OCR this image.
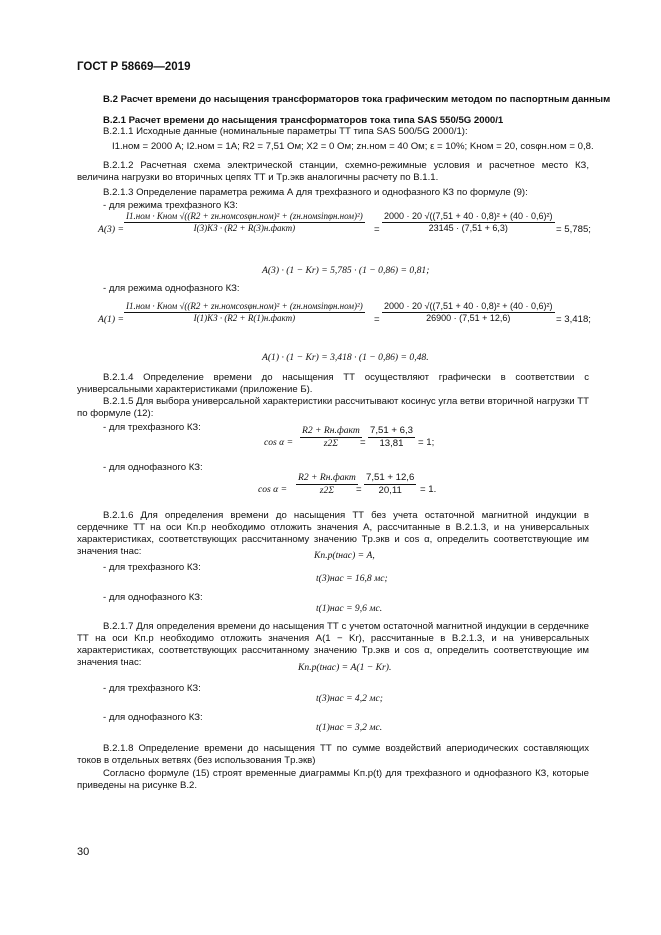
ГОСТ Р 58669—2019
В.2 Расчет времени до насыщения трансформаторов тока графическим методом по паспортным данным
В.2.1 Расчет времени до насыщения трансформаторов тока типа SAS 550/5G 2000/1
В.2.1.1 Исходные данные (номинальные параметры ТТ типа SAS 500/5G 2000/1):
I1.ном = 2000 А; I2.ном = 1А; R2 = 7,51 Ом; X2 = 0 Ом; zн.ном = 40 Ом; ε = 10%; Kном = 20, cosφн.ном = 0,8.
В.2.1.2 Расчетная схема электрической станции, схемно-режимные условия и расчетное место КЗ, величина нагрузки во вторичных цепях ТТ и Tр.экв аналогичны расчету по В.1.1.
В.2.1.3 Определение параметра режима А для трехфазного и однофазного КЗ по формуле (9):
- для режима трехфазного КЗ:
A(3) =
I1.ном · Kном √((R2 + zн.номcosφн.ном)² + (zн.номsinφн.ном)²)
I(3)КЗ · (R2 + R(3)н.факт)	= $\frac{\text{2000 · 20 √((7,51 + 40 · 0,8)² + (40 · 0,6)²)}}{23145 \cdot (7,51 + 6,3)} = 5,785$;
A(3) · (1 − Kr) = 5,785 · (1 − 0,86) = 0,81;
- для режима однофазного КЗ:
A(1) =
I1.ном · Kном √((R2 + zн.номcosφн.ном)² + (zн.номsinφн.ном)²)
I(1)КЗ · (R2 + R(1)н.факт)	= $\frac{\text{2000 · 20 √((7,51 + 40 · 0,8)² + (40 · 0,6)²)}}{26900 \cdot (7,51 + 12,6)} = 3,418$;
A(1) · (1 − Kr) = 3,418 · (1 − 0,86) = 0,48.
В.2.1.4 Определение времени до насыщения ТТ осуществляют графически в соответствии с универсальными характеристиками (приложение Б).
В.2.1.5 Для выбора универсальной характеристики рассчитывают косинус угла ветви вторичной нагрузки ТТ по формуле (12):
- для трехфазного КЗ:
cos α =
R2 + Rн.факт
z2Σ	= $\frac{7,51 + 6,3}{13,81} = 1$;
- для однофазного КЗ:
cos α =
R2 + Rн.факт
z2Σ	= $\frac{7,51 + 12,6}{20,11} = 1$.
В.2.1.6 Для определения времени до насыщения ТТ без учета остаточной магнитной индукции в сердечнике ТТ на оси Kп.р необходимо отложить значения А, рассчитанные в В.2.1.3, и на универсальных характеристиках, соответствующих рассчитанному значению Tр.экв и cos α, определить соответствующие им значения tнас:	Kп.р(tнас) = A,
- для трехфазного КЗ:
t(3)нас = 16,8 мс;
- для однофазного КЗ:
t(1)нас = 9,6 мс.
В.2.1.7 Для определения времени до насыщения ТТ с учетом остаточной магнитной индукции в сердечнике ТТ на оси Kп.р необходимо отложить значения A(1 − Kr), рассчитанные в В.2.1.3, и на универсальных характеристиках, соответствующих рассчитанному значению Tр.экв и cos α, определить соответствующие им значения tнас:	Kп.р(tнас) = A(1 − Kr).
- для трехфазного КЗ:
t(3)нас = 4,2 мс;
- для однофазного КЗ:
t(1)нас = 3,2 мс.
В.2.1.8 Определение времени до насыщения ТТ по сумме воздействий апериодических составляющих токов в отдельных ветвях (без использования Tр.экв)
Согласно формуле (15) строят временные диаграммы Kп.р(t) для трехфазного и однофазного КЗ, которые приведены на рисунке В.2.
30
